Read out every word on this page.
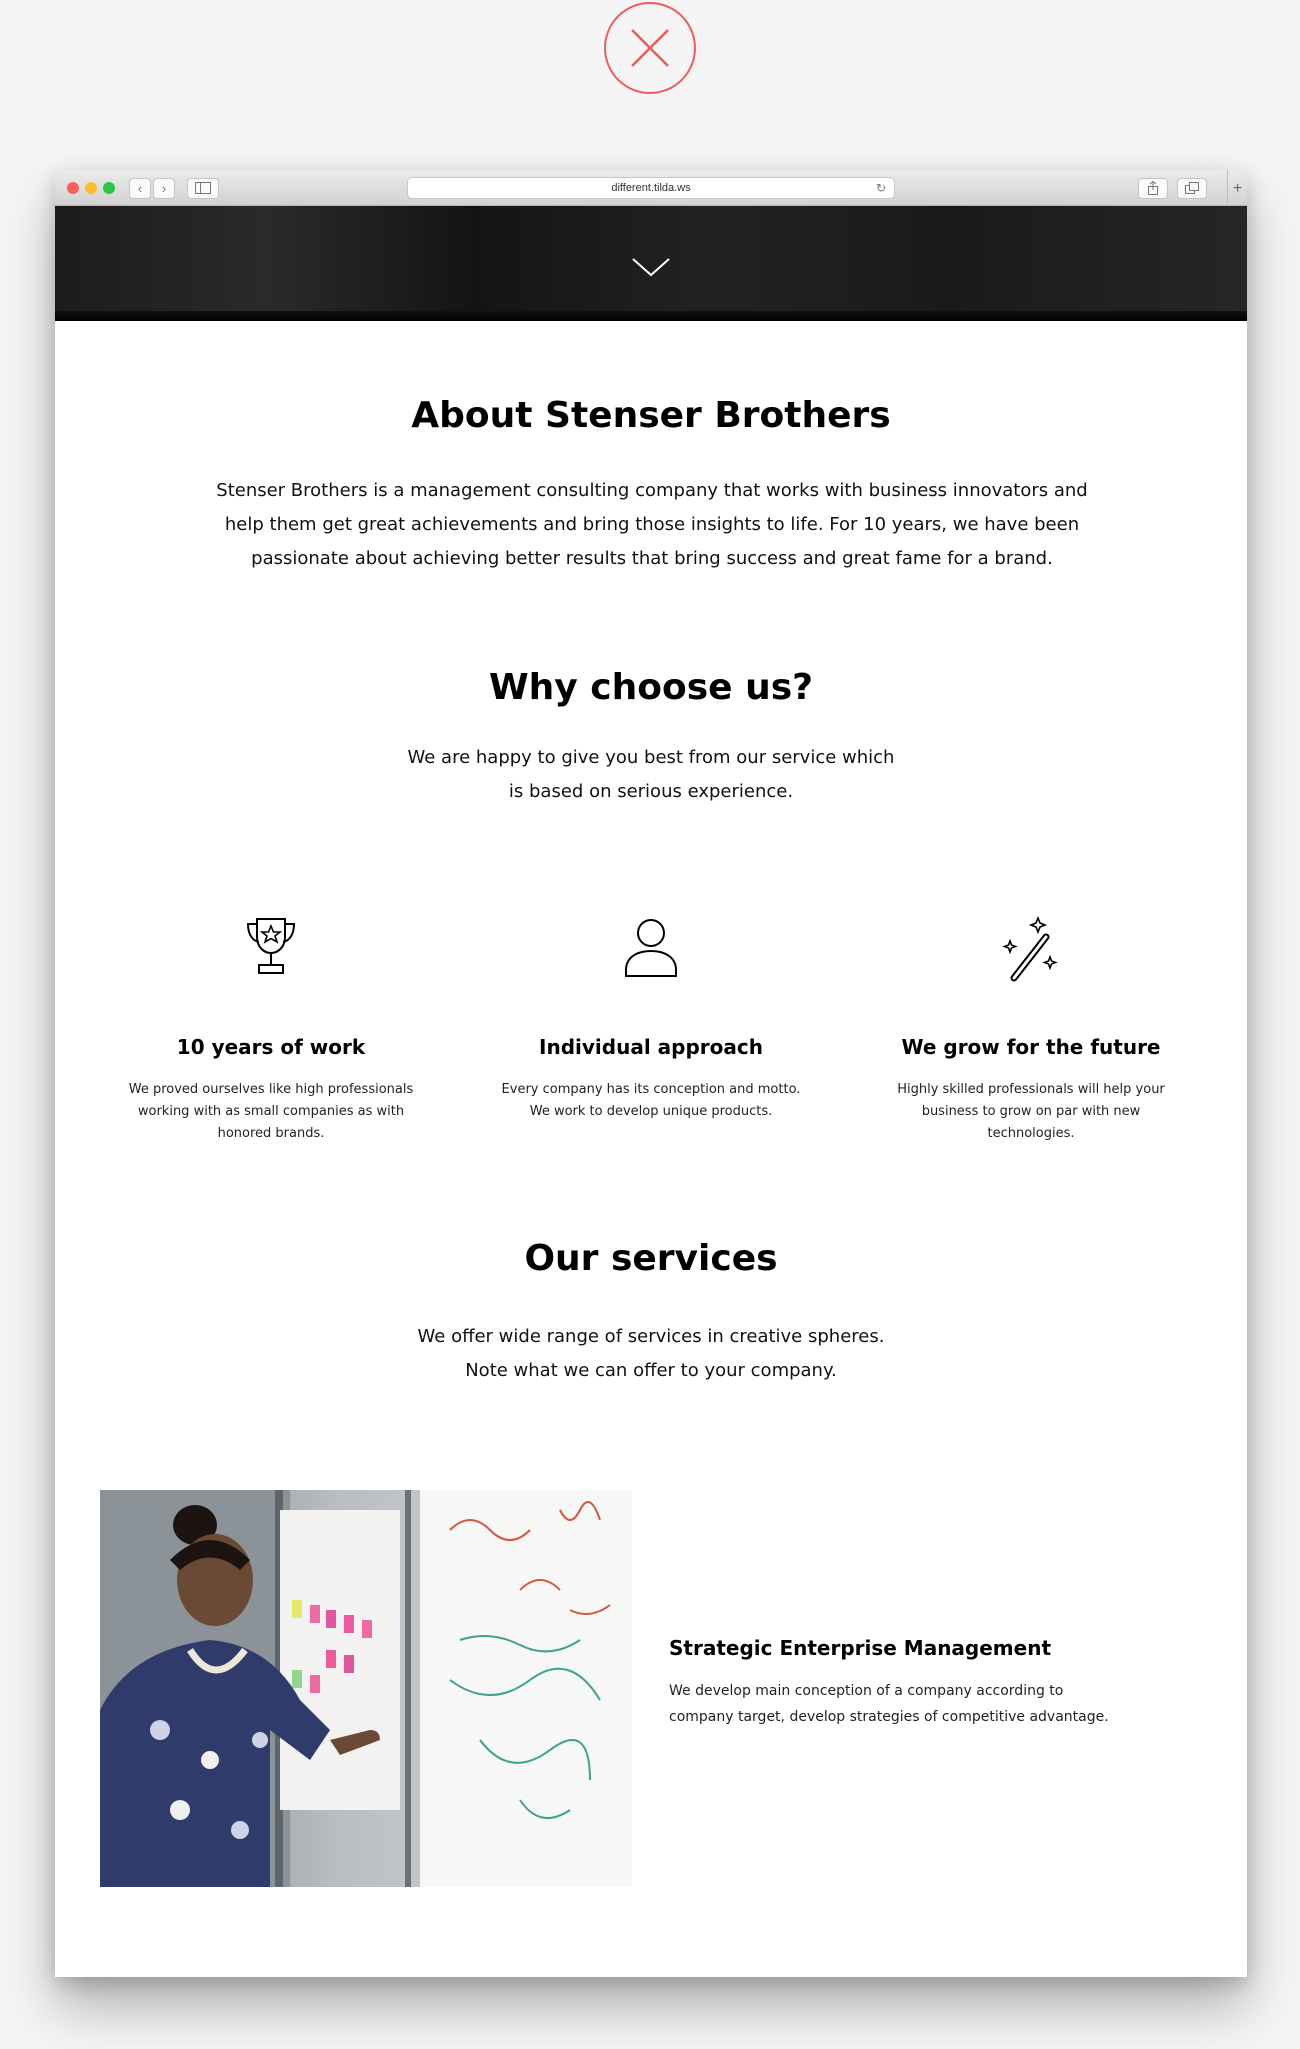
‹	›	different.tilda.ws	↻	+
About Stenser Brothers

Stenser Brothers is a management consulting company that works with business innovators and help them get great achievements and bring those insights to life. For 10 years, we have been passionate about achieving better results that bring success and great fame for a brand.

Why choose us?

We are happy to give you best from our service which is based on serious experience.

10 years of work

We proved ourselves like high professionals working with as small companies as with honored brands.

Individual approach

Every company has its conception and motto. We work to develop unique products.

We grow for the future

Highly skilled professionals will help your business to grow on par with new technologies.

Our services

We offer wide range of services in creative spheres. Note what we can offer to your company.

Strategic Enterprise Management
We develop main conception of a company according to company target, develop strategies of competitive advantage.
